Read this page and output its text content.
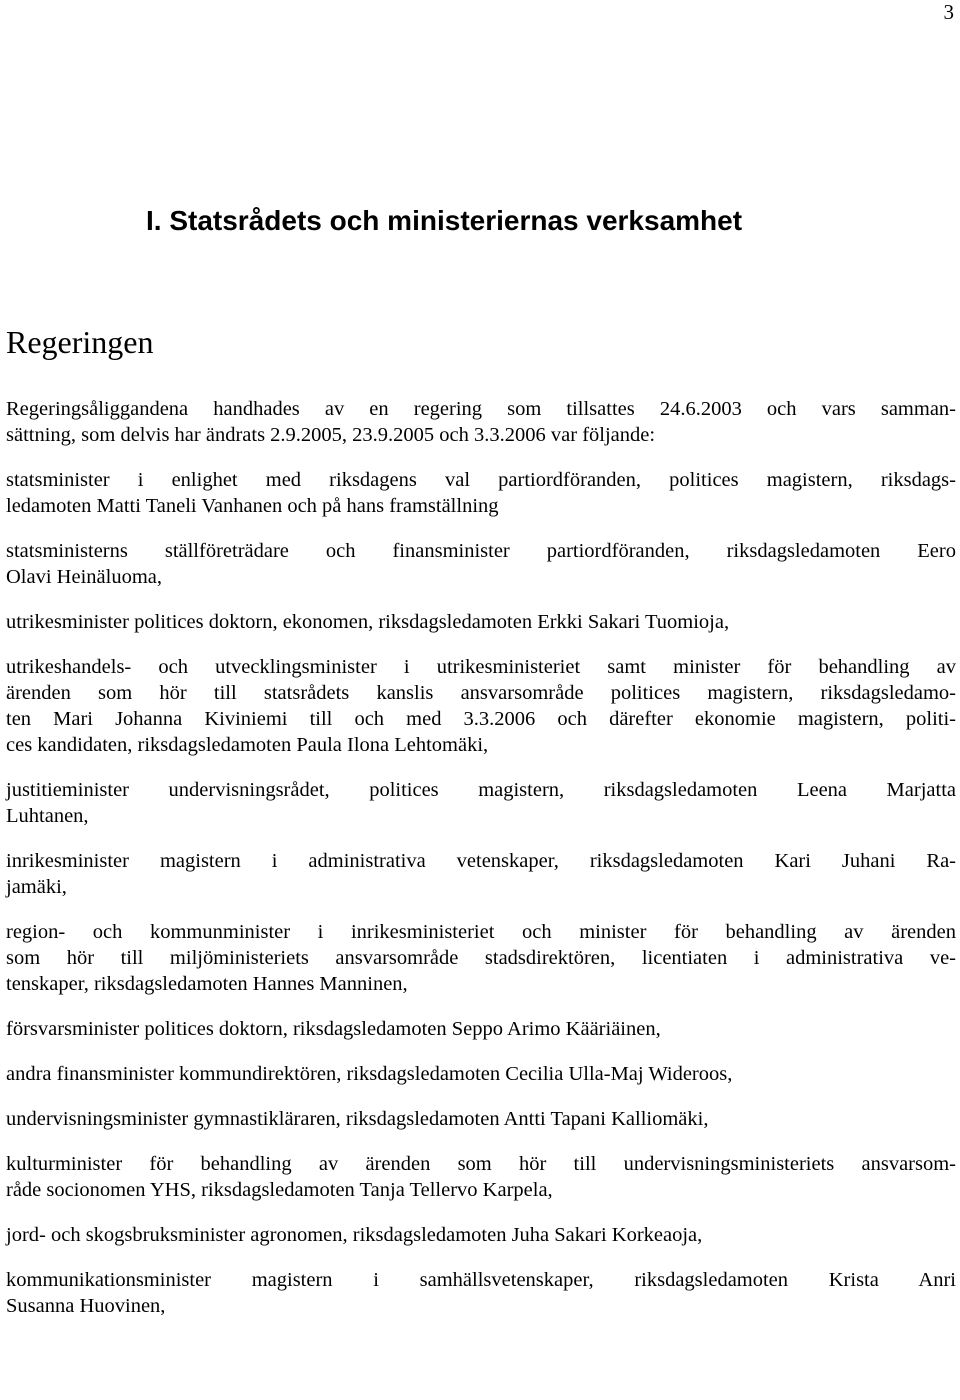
3
I. Statsrådets och ministeriernas verksamhet
Regeringen

Regeringsåliggandena handhades av en regering som tillsattes 24.6.2003 och vars samman-
sättning, som delvis har ändrats 2.9.2005, 23.9.2005 och 3.3.2006 var följande:

statsminister i enlighet med riksdagens val partiordföranden, politices magistern, riksdags-
ledamoten Matti Taneli Vanhanen och på hans framställning

statsministerns ställföreträdare och finansminister partiordföranden, riksdagsledamoten Eero
Olavi Heinäluoma,

utrikesminister politices doktorn, ekonomen, riksdagsledamoten Erkki Sakari Tuomioja,

utrikeshandels- och utvecklingsminister i utrikesministeriet samt minister för behandling av
ärenden som hör till statsrådets kanslis ansvarsområde politices magistern, riksdagsledamo-
ten Mari Johanna Kiviniemi till och med 3.3.2006 och därefter ekonomie magistern, politi-
ces kandidaten, riksdagsledamoten Paula Ilona Lehtomäki,

justitieminister undervisningsrådet, politices magistern, riksdagsledamoten Leena Marjatta
Luhtanen,

inrikesminister magistern i administrativa vetenskaper, riksdagsledamoten Kari Juhani Ra-
jamäki,

region- och kommunminister i inrikesministeriet och minister för behandling av ärenden
som hör till miljöministeriets ansvarsområde stadsdirektören, licentiaten i administrativa ve-
tenskaper, riksdagsledamoten Hannes Manninen,

försvarsminister politices doktorn, riksdagsledamoten Seppo Arimo Kääriäinen,

andra finansminister kommundirektören, riksdagsledamoten Cecilia Ulla-Maj Wideroos,

undervisningsminister gymnastikläraren, riksdagsledamoten Antti Tapani Kalliomäki,

kulturminister för behandling av ärenden som hör till undervisningsministeriets ansvarsom-
råde socionomen YHS, riksdagsledamoten Tanja Tellervo Karpela,

jord- och skogsbruksminister agronomen, riksdagsledamoten Juha Sakari Korkeaoja,

kommunikationsminister magistern i samhällsvetenskaper, riksdagsledamoten Krista Anri
Susanna Huovinen,
